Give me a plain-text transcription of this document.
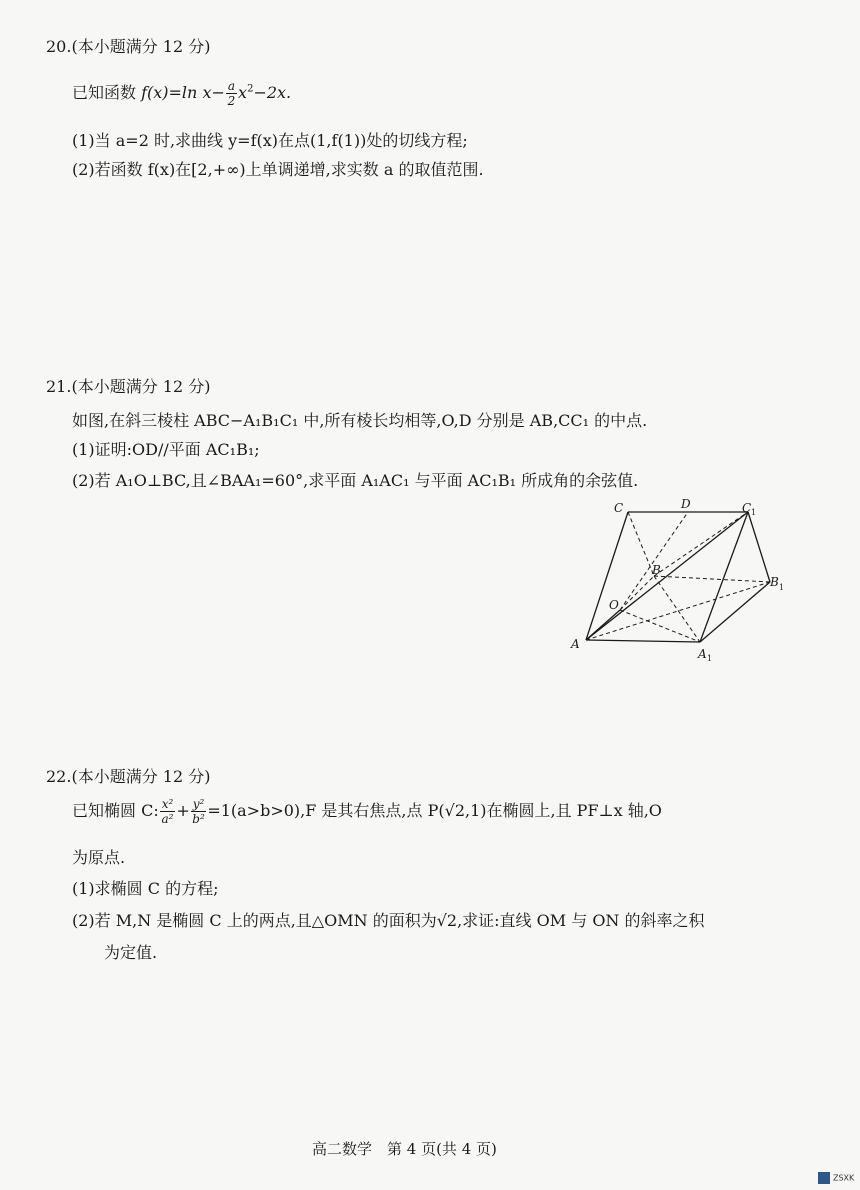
20.(本小题满分 12 分)
已知函数 f(x)=ln $x- \frac{a}{2} x^2-2x$.
(1)当 a=2 时,求曲线 y=f(x)在点(1,f(1))处的切线方程;
(2)若函数 f(x)在[2,+∞)上单调递增,求实数 a 的取值范围.
21.(本小题满分 12 分)
如图,在斜三棱柱 ABC−A₁B₁C₁ 中,所有棱长均相等,O,D 分别是 AB,CC₁ 的中点.
(1)证明:OD//平面 AC₁B₁;
(2)若 A₁O⊥BC,且∠BAA₁=60°,求平面 A₁AC₁ 与平面 AC₁B₁ 所成角的余弦值.
C	D	C 1
B
B 1
O
A
A 1
22.(本小题满分 12 分)
已知椭圆 C: $\frac{\text{x²}}{\text{a²}} + \frac{\text{y²}}{\text{b²}} =1(a>b>0),F$ 是其右焦点,点 P(√2,1)在椭圆上,且 PF⊥x 轴,O
为原点.
(1)求椭圆 C 的方程;
(2)若 M,N 是椭圆 C 上的两点,且△OMN 的面积为√2,求证:直线 OM 与 ON 的斜率之积
为定值.
高二数学　第 4 页(共 4 页)
ZSXK
